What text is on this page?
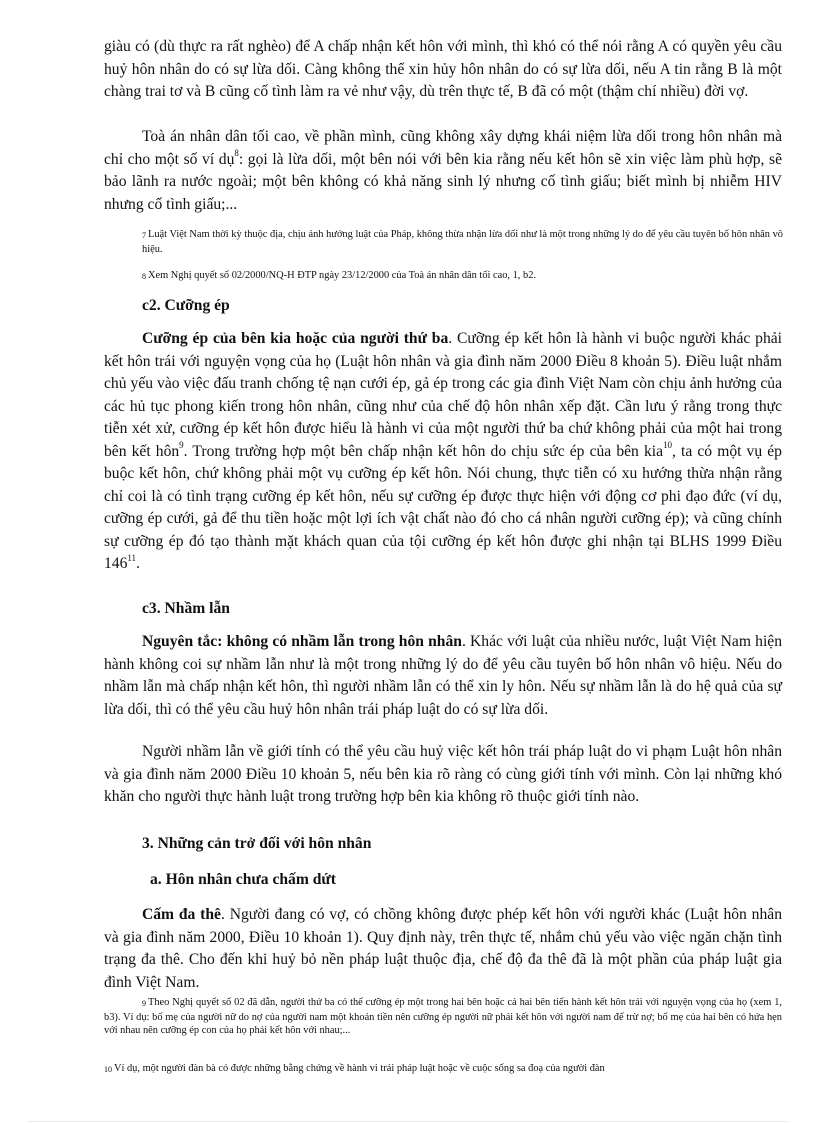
giàu có (dù thực ra rất nghèo) để A chấp nhận kết hôn với mình, thì khó có thể nói rằng A có quyền yêu cầu huỷ hôn nhân do có sự lừa dối. Càng không thể xin hủy hôn nhân do có sự lừa dối, nếu A tin rằng B là một chàng trai tơ và B cũng cố tình làm ra vẻ như vậy, dù trên thực tế, B đã có một (thậm chí nhiều) đời vợ.

Toà án nhân dân tối cao, về phần mình, cũng không xây dựng khái niệm lừa dối trong hôn nhân mà chỉ cho một số ví dụ$^8$: gọi là lừa dối, một bên nói với bên kia rằng nếu kết hôn sẽ xin việc làm phù hợp, sẽ bảo lãnh ra nước ngoài; một bên không có khả năng sinh lý nhưng cố tình giấu; biết mình bị nhiễm HIV nhưng cố tình giấu;...

7 Luật Việt Nam thời kỳ thuộc địa, chịu ảnh hưởng luật của Pháp, không thừa nhận lừa dối như là một trong những lý do để yêu cầu tuyên bố hôn nhân vô hiệu.

8 Xem Nghị quyết số 02/2000/NQ-H ĐTP ngày 23/12/2000 của Toà án nhân dân tối cao, 1, b2.

c2. Cưỡng ép

Cưỡng ép của bên kia hoặc của người thứ ba. Cưỡng ép kết hôn là hành vi buộc người khác phải kết hôn trái với nguyện vọng của họ (Luật hôn nhân và gia đình năm 2000 Điều 8 khoản 5). Điều luật nhắm chủ yếu vào việc đấu tranh chống tệ nạn cưới ép, gả ép trong các gia đình Việt Nam còn chịu ảnh hưởng của các hủ tục phong kiến trong hôn nhân, cũng như của chế độ hôn nhân xếp đặt. Cần lưu ý rằng trong thực tiễn xét xử, cưỡng ép kết hôn được hiểu là hành vi của một người thứ ba chứ không phải của một hai trong bên kết hôn$^9$. Trong trường hợp một bên chấp nhận kết hôn do chịu sức ép của bên kia$^{10}$, ta có một vụ ép buộc kết hôn, chứ không phải một vụ cưỡng ép kết hôn. Nói chung, thực tiễn có xu hướng thừa nhận rằng chỉ coi là có tình trạng cưỡng ép kết hôn, nếu sự cưỡng ép được thực hiện với động cơ phi đạo đức (ví dụ, cưỡng ép cưới, gả để thu tiền hoặc một lợi ích vật chất nào đó cho cá nhân người cưỡng ép); và cũng chính sự cưỡng ép đó tạo thành mặt khách quan của tội cưỡng ép kết hôn được ghi nhận tại BLHS 1999 Điều $146^{11}$.

c3. Nhầm lẫn

Nguyên tắc: không có nhầm lẫn trong hôn nhân. Khác với luật của nhiều nước, luật Việt Nam hiện hành không coi sự nhầm lẫn như là một trong những lý do để yêu cầu tuyên bố hôn nhân vô hiệu. Nếu do nhầm lẫn mà chấp nhận kết hôn, thì người nhầm lẫn có thể xin ly hôn. Nếu sự nhầm lẫn là do hệ quả của sự lừa dối, thì có thể yêu cầu huỷ hôn nhân trái pháp luật do có sự lừa dối.

Người nhầm lẫn về giới tính có thể yêu cầu huỷ việc kết hôn trái pháp luật do vi phạm Luật hôn nhân và gia đình năm 2000 Điều 10 khoản 5, nếu bên kia rõ ràng có cùng giới tính với mình. Còn lại những khó khăn cho người thực hành luật trong trường hợp bên kia không rõ thuộc giới tính nào.

3. Những cản trở đối với hôn nhân

a. Hôn nhân chưa chấm dứt

Cấm đa thê. Người đang có vợ, có chồng không được phép kết hôn với người khác (Luật hôn nhân và gia đình năm 2000, Điều 10 khoản 1). Quy định này, trên thực tế, nhắm chủ yếu vào việc ngăn chặn tình trạng đa thê. Cho đến khi huỷ bỏ nền pháp luật thuộc địa, chế độ đa thê đã là một phần của pháp luật gia đình Việt Nam.

9 Theo Nghị quyết số 02 đã dẫn, người thứ ba có thể cưỡng ép một trong hai bên hoặc cả hai bên tiến hành kết hôn trái với nguyện vọng của họ (xem 1, b3). Ví dụ: bố mẹ của người nữ do nợ của người nam một khoản tiền nên cưỡng ép người nữ phải kết hôn với người nam để trừ nợ; bố mẹ của hai bên có hứa hẹn với nhau nên cưỡng ép con của họ phải kết hôn với nhau;...

10 Ví dụ, một người đàn bà có được những bằng chứng về hành vi trái pháp luật hoặc về cuộc sống sa đoạ của người đàn
